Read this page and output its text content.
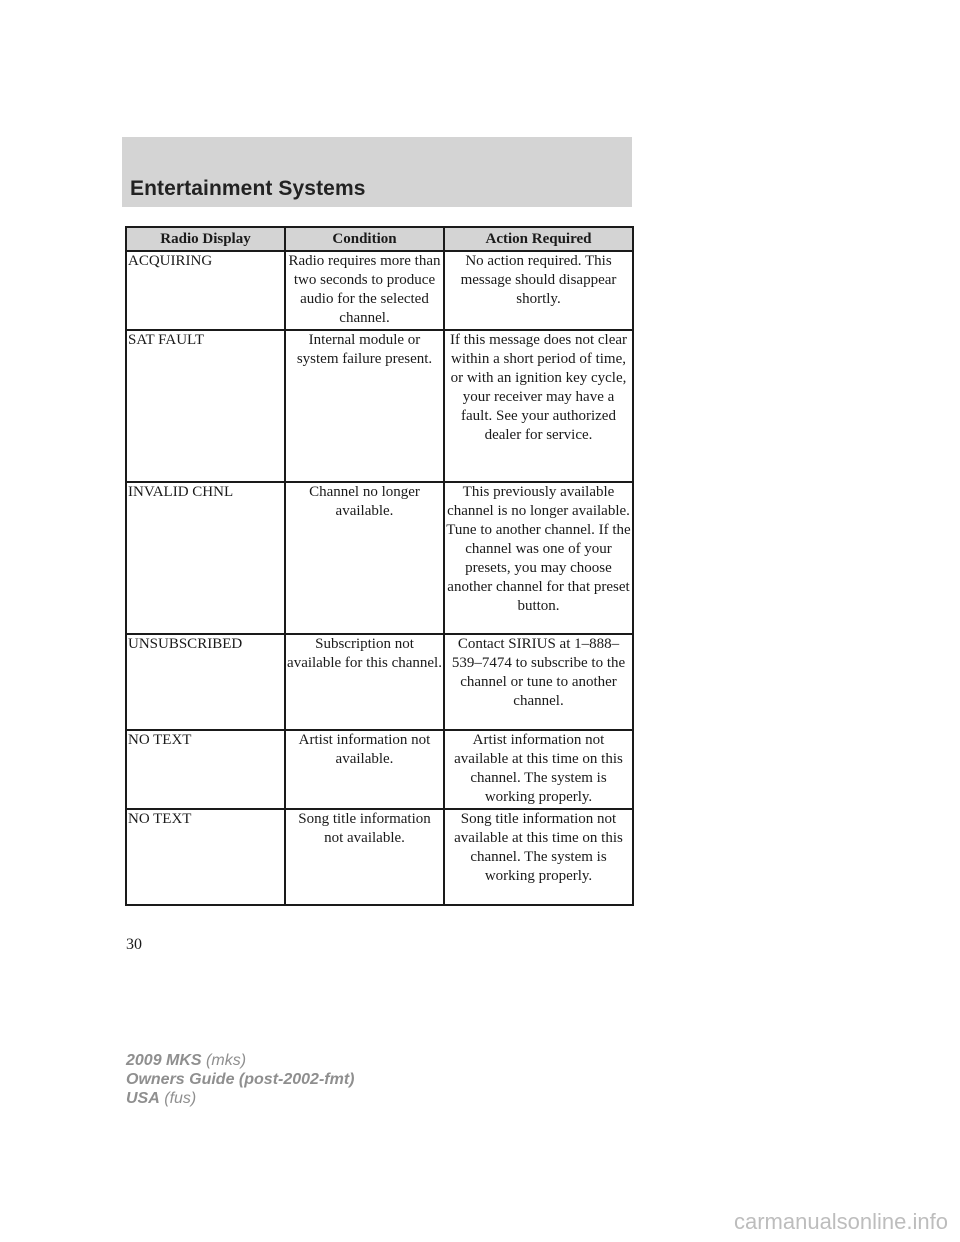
Entertainment Systems
Radio Display	Condition	Action Required
ACQUIRING	Radio requires more than two seconds to produce audio for the selected channel.	No action required. This message should disappear shortly.
SAT FAULT	Internal module or system failure present.	If this message does not clear within a short period of time, or with an ignition key cycle, your receiver may have a fault. See your authorized dealer for service.
INVALID CHNL	Channel no longer available.	This previously available channel is no longer available. Tune to another channel. If the channel was one of your presets, you may choose another channel for that preset button.
UNSUBSCRIBED	Subscription not available for this channel.	Contact SIRIUS at 1–888–539–7474 to subscribe to the channel or tune to another channel.
NO TEXT	Artist information not available.	Artist information not available at this time on this channel. The system is working properly.
NO TEXT	Song title information not available.	Song title information not available at this time on this channel. The system is working properly.
30
2009 MKS (mks)
Owners Guide (post-2002-fmt)
USA (fus)
carmanualsonline.info
